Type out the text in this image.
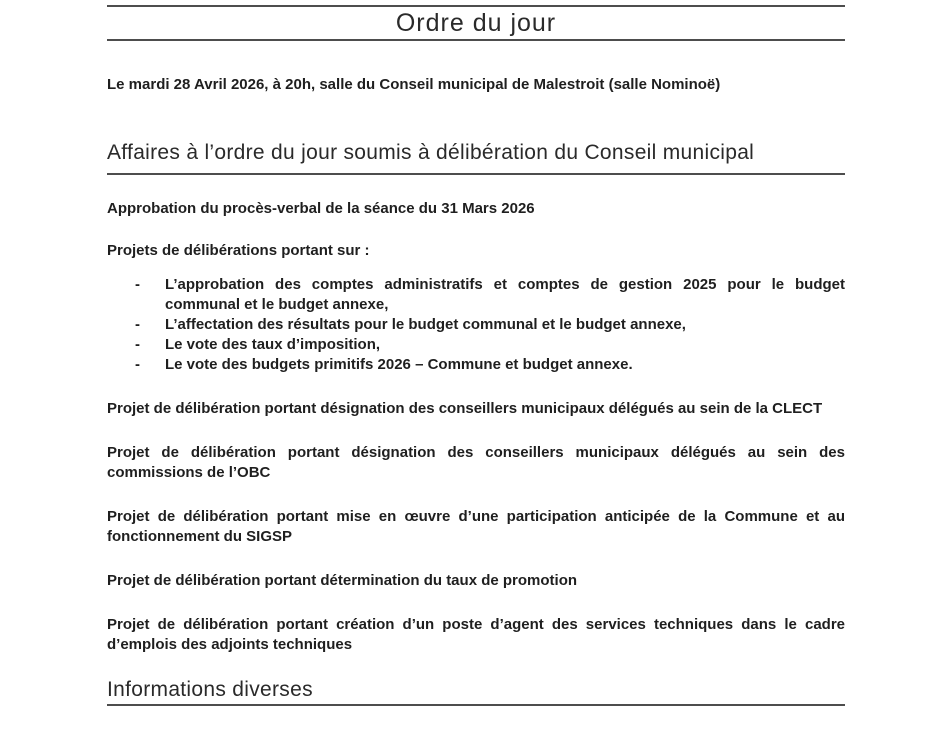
Ordre du jour

Le mardi 28 Avril 2026, à 20h, salle du Conseil municipal de Malestroit (salle Nominoë)

Affaires à l’ordre du jour soumis à délibération du Conseil municipal

Approbation du procès-verbal de la séance du 31 Mars 2026

Projets de délibérations portant sur :

-	L’approbation des comptes administratifs et comptes de gestion 2025 pour le budget communal et le budget annexe,

-	L’affectation des résultats pour le budget communal et le budget annexe,

-	Le vote des taux d’imposition,

-	Le vote des budgets primitifs 2026 – Commune et budget annexe.

Projet de délibération portant désignation des conseillers municipaux délégués au sein de la CLECT

Projet de délibération portant désignation des conseillers municipaux délégués au sein des commissions de l’OBC

Projet de délibération portant mise en œuvre d’une participation anticipée de la Commune et au fonctionnement du SIGSP

Projet de délibération portant détermination du taux de promotion

Projet de délibération portant création d’un poste d’agent des services techniques dans le cadre d’emplois des adjoints techniques

Informations diverses
